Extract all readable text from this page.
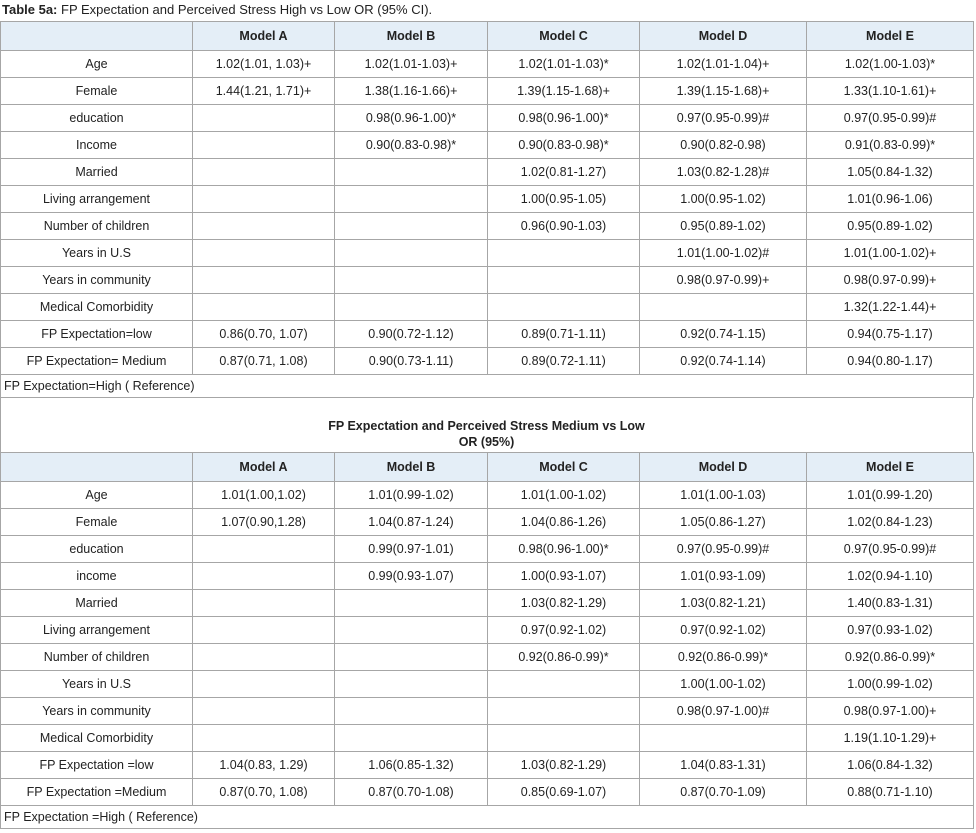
Table 5a: FP Expectation and Perceived Stress High vs Low OR (95% CI).
	Model A	Model B	Model C	Model D	Model E
Age	1.02(1.01, 1.03)+	1.02(1.01-1.03)+	1.02(1.01-1.03)*	1.02(1.01-1.04)+	1.02(1.00-1.03)*
Female	1.44(1.21, 1.71)+	1.38(1.16-1.66)+	1.39(1.15-1.68)+	1.39(1.15-1.68)+	1.33(1.10-1.61)+
education		0.98(0.96-1.00)*	0.98(0.96-1.00)*	0.97(0.95-0.99)#	0.97(0.95-0.99)#
Income		0.90(0.83-0.98)*	0.90(0.83-0.98)*	0.90(0.82-0.98)	0.91(0.83-0.99)*
Married			1.02(0.81-1.27)	1.03(0.82-1.28)#	1.05(0.84-1.32)
Living arrangement			1.00(0.95-1.05)	1.00(0.95-1.02)	1.01(0.96-1.06)
Number of children			0.96(0.90-1.03)	0.95(0.89-1.02)	0.95(0.89-1.02)
Years in U.S				1.01(1.00-1.02)#	1.01(1.00-1.02)+
Years in community				0.98(0.97-0.99)+	0.98(0.97-0.99)+
Medical Comorbidity					1.32(1.22-1.44)+
FP Expectation=low	0.86(0.70, 1.07)	0.90(0.72-1.12)	0.89(0.71-1.11)	0.92(0.74-1.15)	0.94(0.75-1.17)
FP Expectation= Medium	0.87(0.71, 1.08)	0.90(0.73-1.11)	0.89(0.72-1.11)	0.92(0.74-1.14)	0.94(0.80-1.17)
FP Expectation=High ( Reference)					
FP Expectation and Perceived Stress Medium vs Low
OR (95%)
	Model A	Model B	Model C	Model D	Model E
Age	1.01(1.00,1.02)	1.01(0.99-1.02)	1.01(1.00-1.02)	1.01(1.00-1.03)	1.01(0.99-1.20)
Female	1.07(0.90,1.28)	1.04(0.87-1.24)	1.04(0.86-1.26)	1.05(0.86-1.27)	1.02(0.84-1.23)
education		0.99(0.97-1.01)	0.98(0.96-1.00)*	0.97(0.95-0.99)#	0.97(0.95-0.99)#
income		0.99(0.93-1.07)	1.00(0.93-1.07)	1.01(0.93-1.09)	1.02(0.94-1.10)
Married			1.03(0.82-1.29)	1.03(0.82-1.21)	1.40(0.83-1.31)
Living arrangement			0.97(0.92-1.02)	0.97(0.92-1.02)	0.97(0.93-1.02)
Number of children			0.92(0.86-0.99)*	0.92(0.86-0.99)*	0.92(0.86-0.99)*
Years in U.S				1.00(1.00-1.02)	1.00(0.99-1.02)
Years in community				0.98(0.97-1.00)#	0.98(0.97-1.00)+
Medical Comorbidity					1.19(1.10-1.29)+
FP Expectation =low	1.04(0.83, 1.29)	1.06(0.85-1.32)	1.03(0.82-1.29)	1.04(0.83-1.31)	1.06(0.84-1.32)
FP Expectation =Medium	0.87(0.70, 1.08)	0.87(0.70-1.08)	0.85(0.69-1.07)	0.87(0.70-1.09)	0.88(0.71-1.10)
FP Expectation =High ( Reference)					
